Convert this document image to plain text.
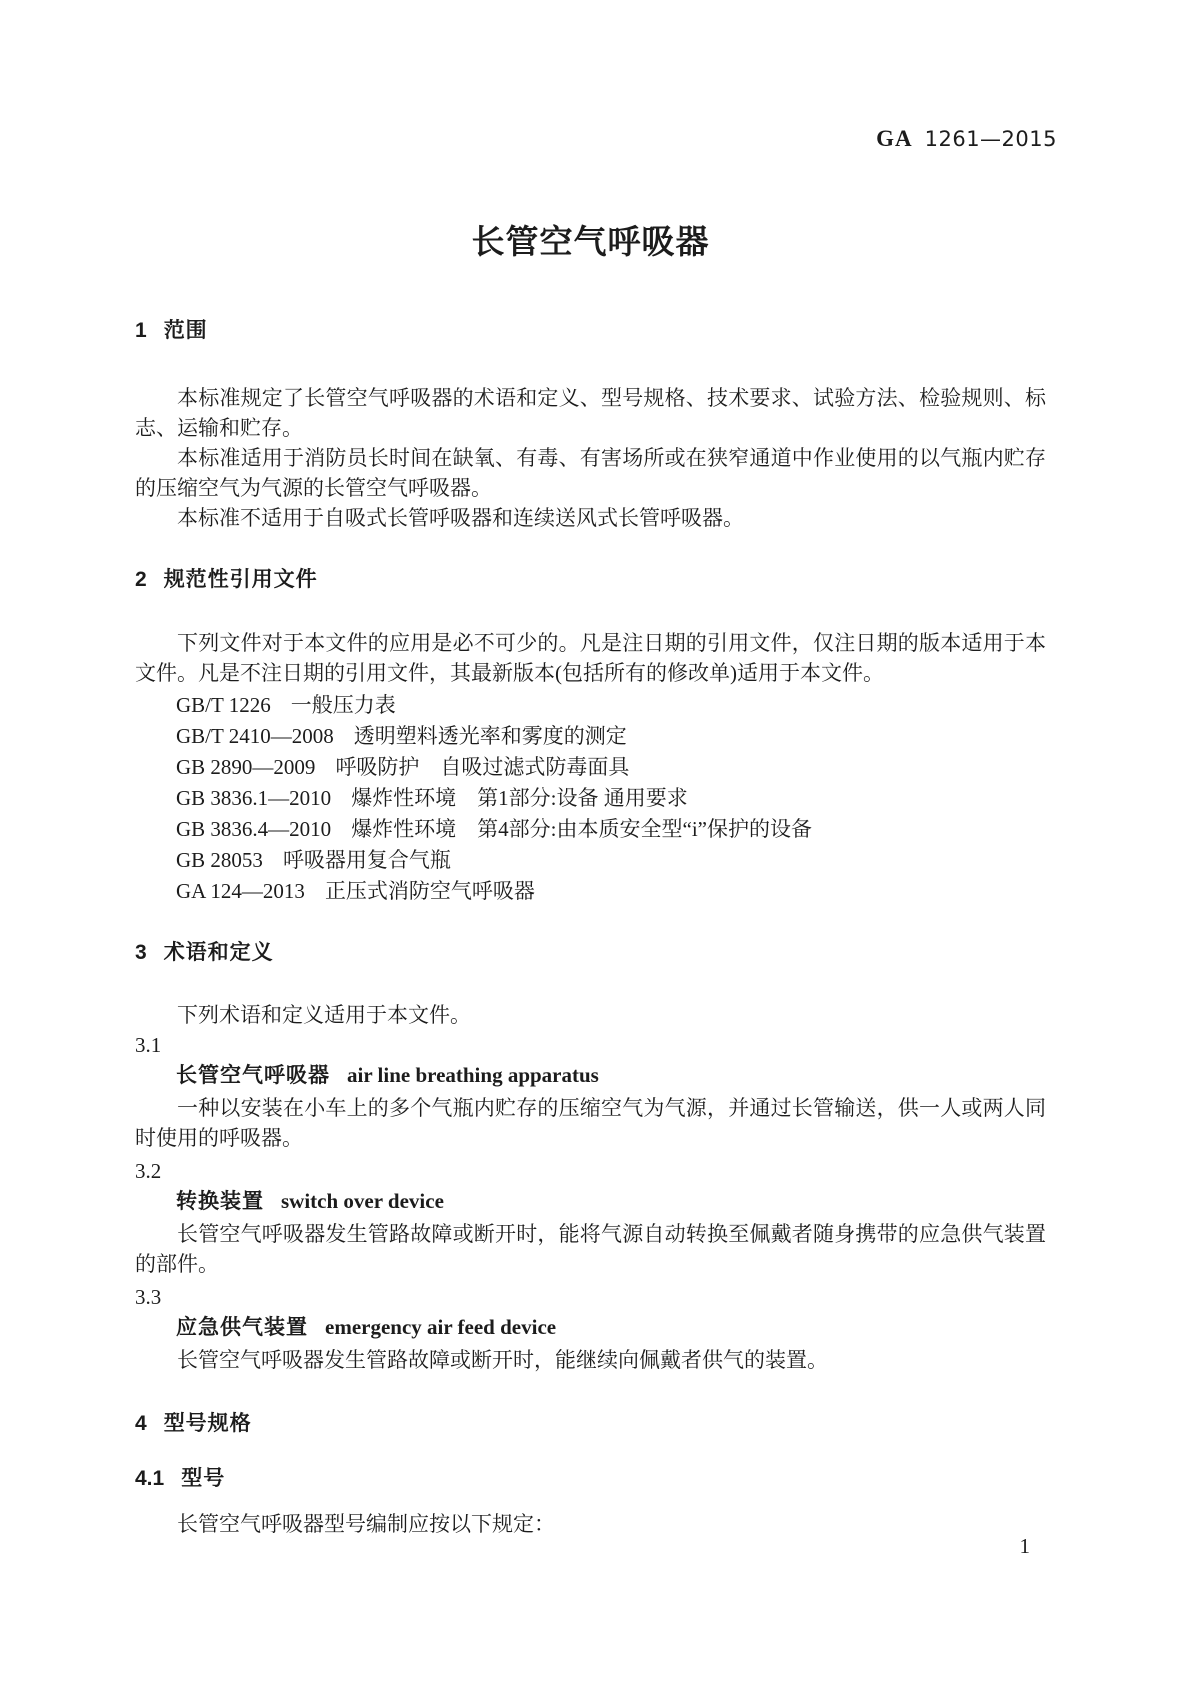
GA 1261—2015
长管空气呼吸器
1 范围

本标准规定了长管空气呼吸器的术语和定义、型号规格、技术要求、试验方法、检验规则、标志、运输和贮存。

本标准适用于消防员长时间在缺氧、有毒、有害场所或在狭窄通道中作业使用的以气瓶内贮存的压缩空气为气源的长管空气呼吸器。

本标准不适用于自吸式长管呼吸器和连续送风式长管呼吸器。

2 规范性引用文件

下列文件对于本文件的应用是必不可少的。凡是注日期的引用文件，仅注日期的版本适用于本文件。凡是不注日期的引用文件，其最新版本(包括所有的修改单)适用于本文件。

GB/T 1226 一般压力表
GB/T 2410—2008 透明塑料透光率和雾度的测定
GB 2890—2009 呼吸防护　自吸过滤式防毒面具
GB 3836.1—2010 爆炸性环境　第1部分:设备 通用要求
GB 3836.4—2010 爆炸性环境　第4部分:由本质安全型“i”保护的设备
GB 28053 呼吸器用复合气瓶
GA 124—2013 正压式消防空气呼吸器
3 术语和定义

下列术语和定义适用于本文件。

3.1
长管空气呼吸器 air line breathing apparatus

一种以安装在小车上的多个气瓶内贮存的压缩空气为气源，并通过长管输送，供一人或两人同时使用的呼吸器。

3.2
转换装置 switch over device

长管空气呼吸器发生管路故障或断开时，能将气源自动转换至佩戴者随身携带的应急供气装置的部件。

3.3
应急供气装置 emergency air feed device

长管空气呼吸器发生管路故障或断开时，能继续向佩戴者供气的装置。

4 型号规格
4.1 型号

长管空气呼吸器型号编制应按以下规定：

1
